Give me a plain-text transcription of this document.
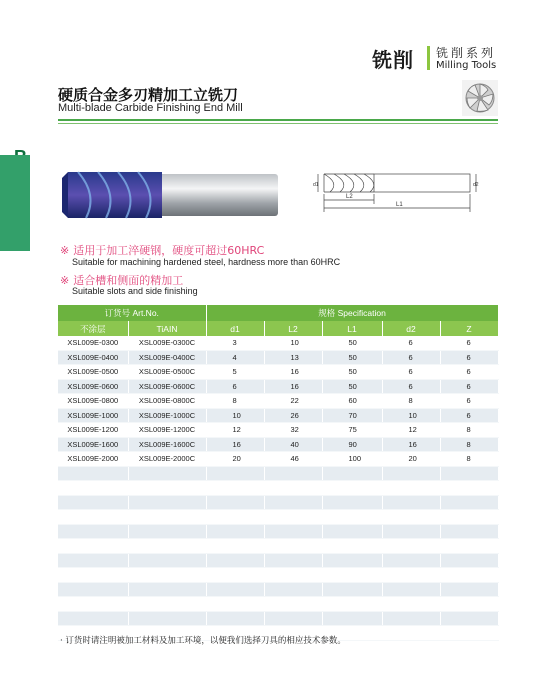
铣削 铣削系列
Milling Tools
硬质合金多刃精加工立铣刀
Multi-blade Carbide Finishing End Mill
铣削系列
Milling Tools
d1	d2
L2
L1
※ 适用于加工淬硬钢，硬度可超过60HRC
Suitable for machining hardened steel, hardness more than 60HRC
※ 适合槽和侧面的精加工
Suitable slots and side finishing
订货号 Art.No.		规格 Specification				
不涂层	TiAIN	d1	L2	L1	d2	Z
XSL009E-0300	XSL009E-0300C	3	10	50	6	6
XSL009E-0400	XSL009E-0400C	4	13	50	6	6
XSL009E-0500	XSL009E-0500C	5	16	50	6	6
XSL009E-0600	XSL009E-0600C	6	16	50	6	6
XSL009E-0800	XSL009E-0800C	8	22	60	8	6
XSL009E-1000	XSL009E-1000C	10	26	70	10	6
XSL009E-1200	XSL009E-1200C	12	32	75	12	8
XSL009E-1600	XSL009E-1600C	16	40	90	16	8
XSL009E-2000	XSL009E-2000C	20	46	100	20	8

· 订货时请注明被加工材料及加工环境，以便我们选择刀具的相应技术参数。
